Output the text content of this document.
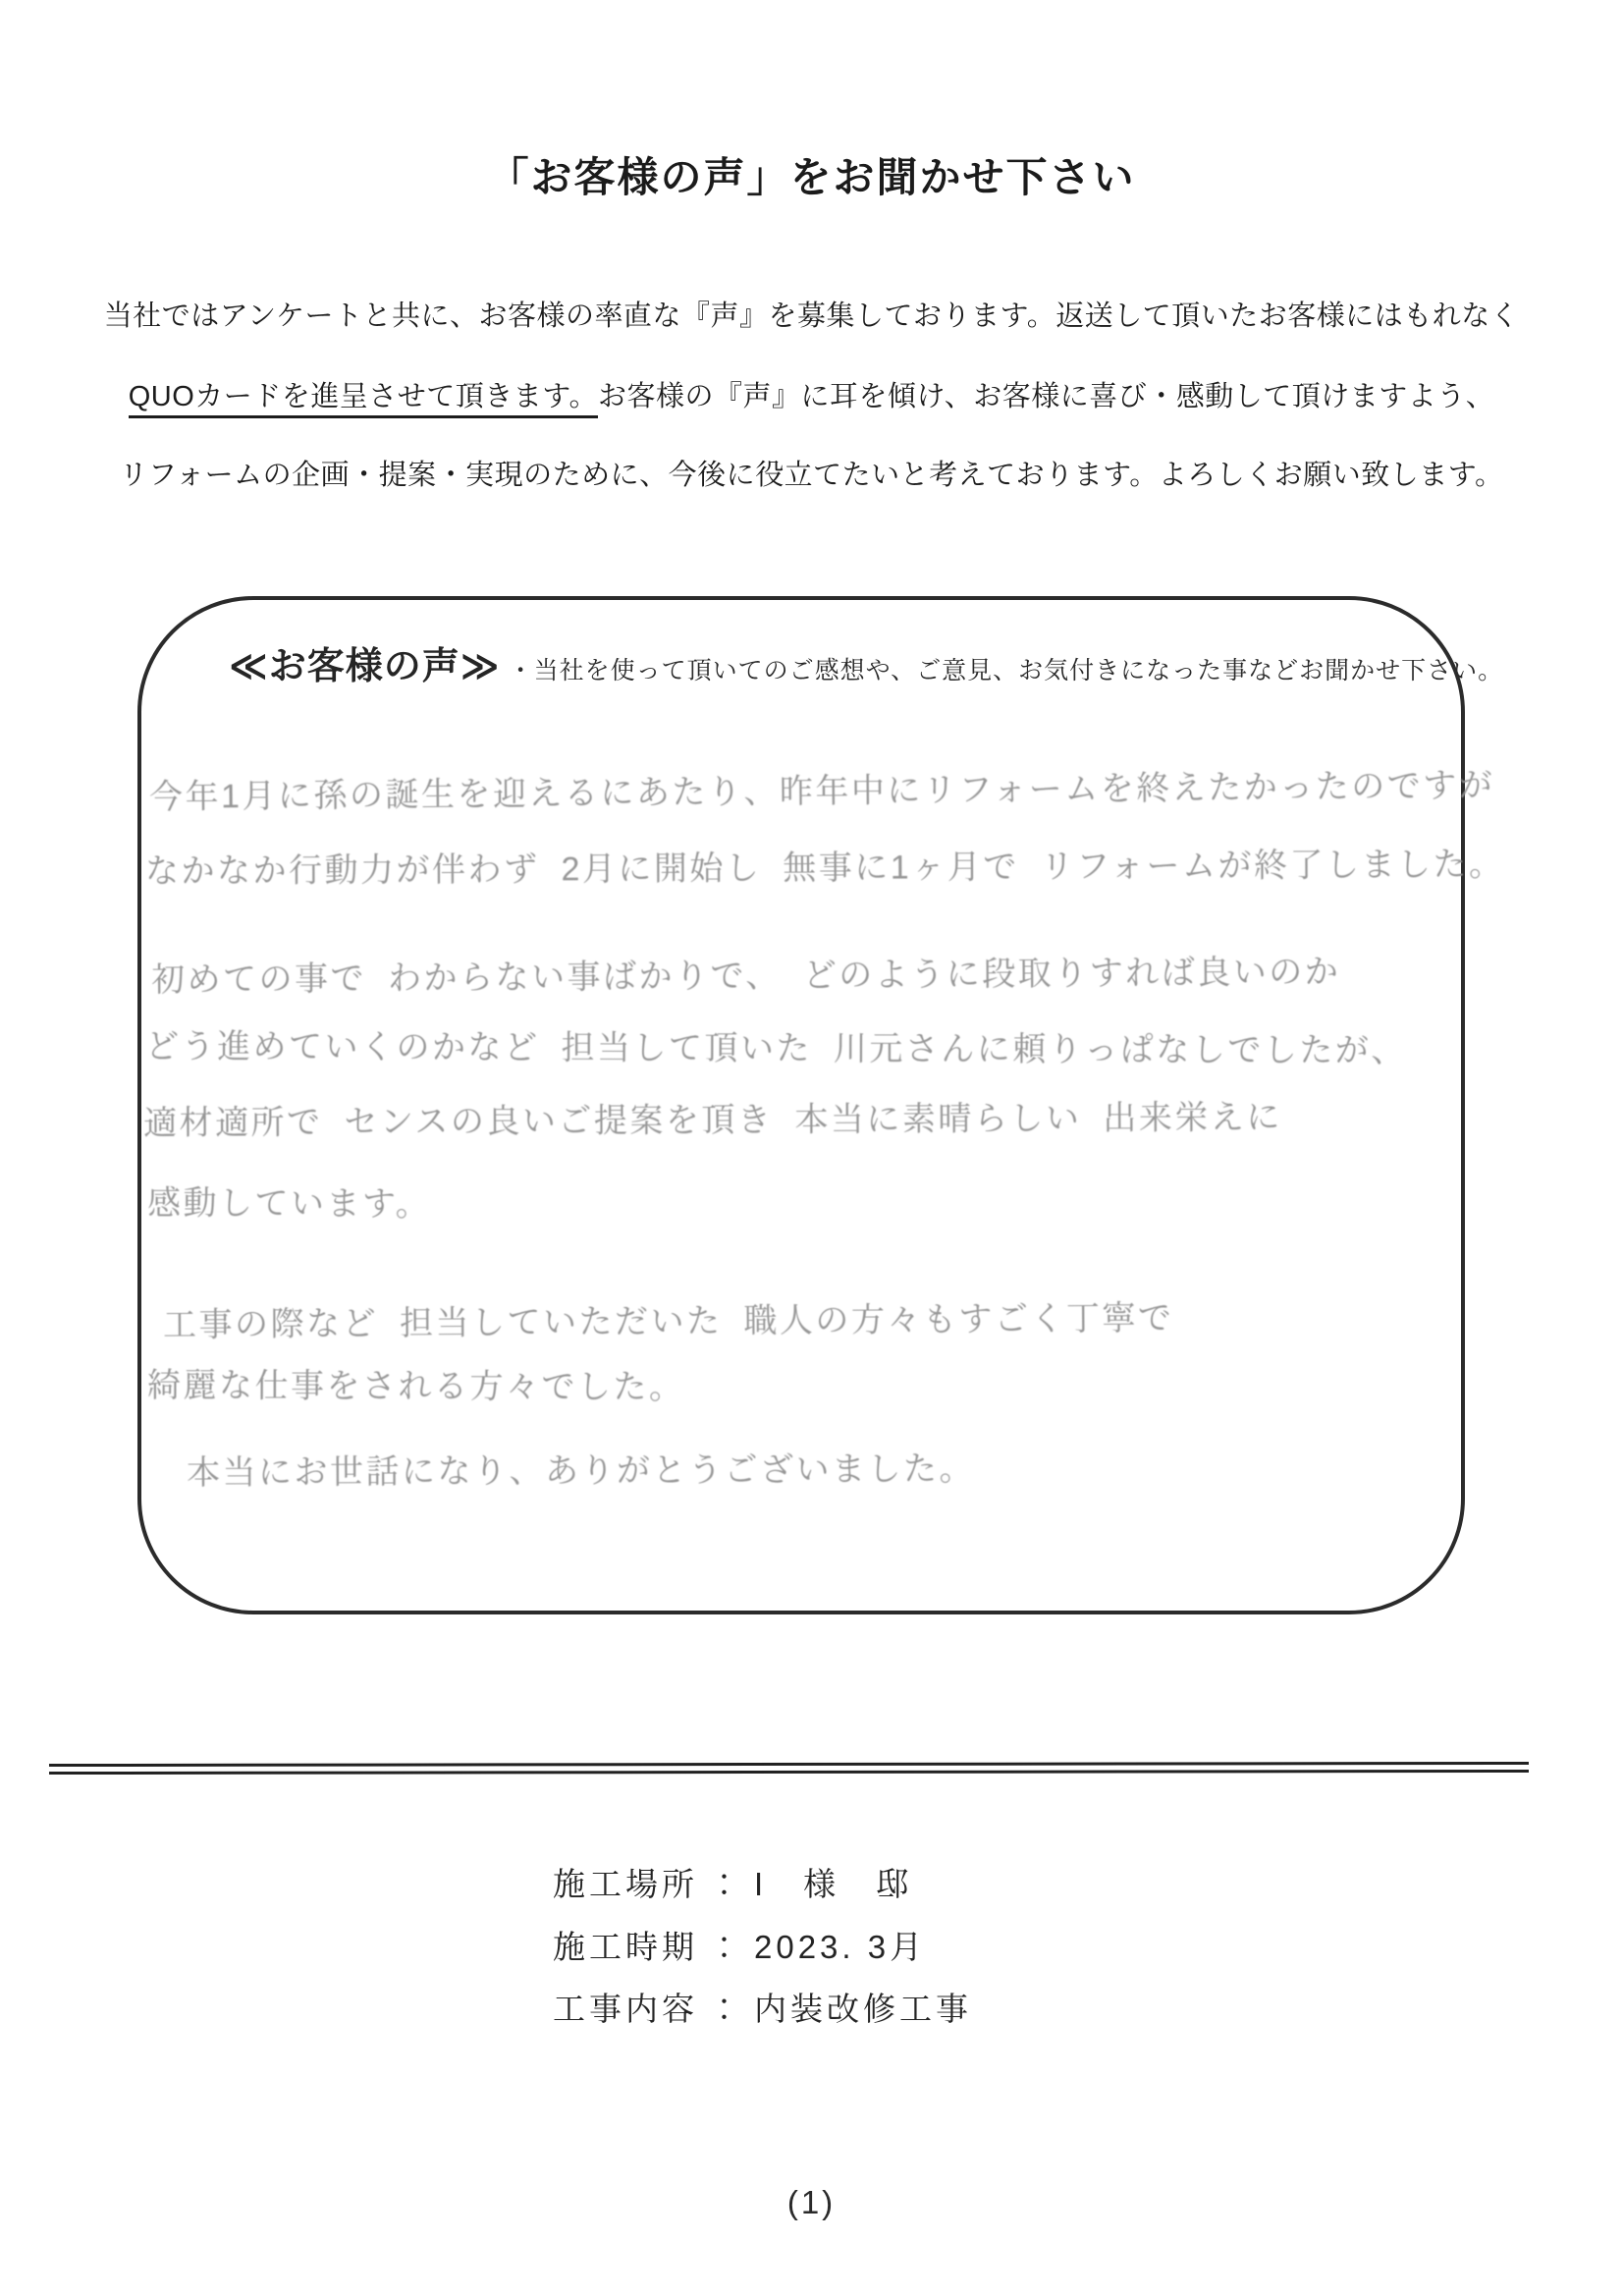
「お客様の声」をお聞かせ下さい
当社ではアンケートと共に、お客様の率直な『声』を募集しております。返送して頂いたお客様にはもれなく
QUOカードを進呈させて頂きます。お客様の『声』に耳を傾け、お客様に喜び・感動して頂けますよう、
リフォームの企画・提案・実現のために、今後に役立てたいと考えております。よろしくお願い致します。
≪お客様の声≫ ・当社を使って頂いてのご感想や、ご意見、お気付きになった事などお聞かせ下さい。
今年1月に孫の誕生を迎えるにあたり、昨年中にリフォームを終えたかったのですが
なかなか行動力が伴わず 2月に開始し 無事に1ヶ月で リフォームが終了しました。
初めての事で わからない事ばかりで、 どのように段取りすれば良いのか
どう進めていくのかなど 担当して頂いた 川元さんに頼りっぱなしでしたが、
適材適所で センスの良いご提案を頂き 本当に素晴らしい 出来栄えに
感動しています。
工事の際など 担当していただいた 職人の方々もすごく丁寧で
綺麗な仕事をされる方々でした。
本当にお世話になり、ありがとうございました。
施工場所 ： I　様　邸
施工時期 ： 2023. 3月
工事内容 ： 内装改修工事
(1)
